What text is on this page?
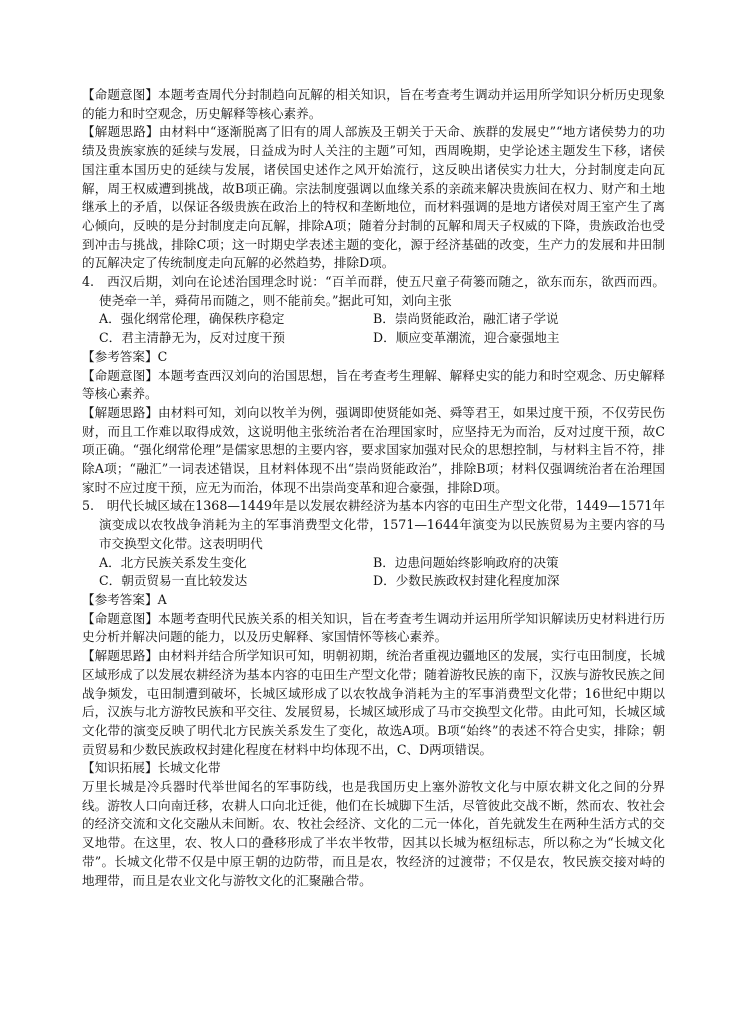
【命题意图】本题考查周代分封制趋向瓦解的相关知识，旨在考查考生调动并运用所学知识分析历史现象的能力和时空观念，历史解释等核心素养。

【解题思路】由材料中“逐渐脱离了旧有的周人部族及王朝关于天命、族群的发展史”“地方诸侯势力的功绩及贵族家族的延续与发展，日益成为时人关注的主题”可知，西周晚期，史学论述主题发生下移，诸侯国注重本国历史的延续与发展，诸侯国史述作之风开始流行，这反映出诸侯实力壮大，分封制度走向瓦解，周王权威遭到挑战，故B项正确。宗法制度强调以血缘关系的亲疏来解决贵族间在权力、财产和土地继承上的矛盾，以保证各级贵族在政治上的特权和垄断地位，而材料强调的是地方诸侯对周王室产生了离心倾向，反映的是分封制度走向瓦解，排除A项；随着分封制的瓦解和周天子权威的下降，贵族政治也受到冲击与挑战，排除C项；这一时期史学表述主题的变化，源于经济基础的改变，生产力的发展和井田制的瓦解决定了传统制度走向瓦解的必然趋势，排除D项。

4.　西汉后期，刘向在论述治国理念时说：“百羊而群，使五尺童子荷篓而随之，欲东而东，欲西而西。使尧牵一羊，舜荷吊而随之，则不能前矣。”据此可知，刘向主张

A．强化纲常伦理，确保秩序稳定	B．崇尚贤能政治，融汇诸子学说
C．君主清静无为，反对过度干预	D．顺应变革潮流，迎合豪强地主

【参考答案】C

【命题意图】本题考查西汉刘向的治国思想，旨在考查考生理解、解释史实的能力和时空观念、历史解释等核心素养。

【解题思路】由材料可知，刘向以牧羊为例，强调即使贤能如尧、舜等君王，如果过度干预，不仅劳民伤财，而且工作难以取得成效，这说明他主张统治者在治理国家时，应坚持无为而治，反对过度干预，故C项正确。“强化纲常伦理”是儒家思想的主要内容，要求国家加强对民众的思想控制，与材料主旨不符，排除A项；“融汇”一词表述错误，且材料体现不出“崇尚贤能政治”，排除B项；材料仅强调统治者在治理国家时不应过度干预，应无为而治，体现不出崇尚变革和迎合豪强，排除D项。

5.　明代长城区域在1368—1449年是以发展农耕经济为基本内容的屯田生产型文化带，1449—1571年演变成以农牧战争消耗为主的军事消费型文化带，1571—1644年演变为以民族贸易为主要内容的马市交换型文化带。这表明明代

A．北方民族关系发生变化	B．边患问题始终影响政府的决策
C．朝贡贸易一直比较发达	D．少数民族政权封建化程度加深

【参考答案】A

【命题意图】本题考查明代民族关系的相关知识，旨在考查考生调动并运用所学知识解读历史材料进行历史分析并解决问题的能力，以及历史解释、家国情怀等核心素养。

【解题思路】由材料并结合所学知识可知，明朝初期，统治者重视边疆地区的发展，实行屯田制度，长城区域形成了以发展农耕经济为基本内容的屯田生产型文化带；随着游牧民族的南下，汉族与游牧民族之间战争频发，屯田制遭到破坏，长城区域形成了以农牧战争消耗为主的军事消费型文化带；16世纪中期以后，汉族与北方游牧民族和平交往、发展贸易，长城区域形成了马市交换型文化带。由此可知，长城区域文化带的演变反映了明代北方民族关系发生了变化，故选A项。B项“始终”的表述不符合史实，排除；朝贡贸易和少数民族政权封建化程度在材料中均体现不出，C、D两项错误。

【知识拓展】长城文化带

万里长城是冷兵器时代举世闻名的军事防线，也是我国历史上塞外游牧文化与中原农耕文化之间的分界线。游牧人口向南迁移，农耕人口向北迁徙，他们在长城脚下生活，尽管彼此交战不断，然而农、牧社会的经济交流和文化交融从未间断。农、牧社会经济、文化的二元一体化，首先就发生在两种生活方式的交叉地带。在这里，农、牧人口的叠移形成了半农半牧带，因其以长城为枢纽标志，所以称之为“长城文化带”。长城文化带不仅是中原王朝的边防带，而且是农，牧经济的过渡带；不仅是农，牧民族交接对峙的地理带，而且是农业文化与游牧文化的汇聚融合带。
